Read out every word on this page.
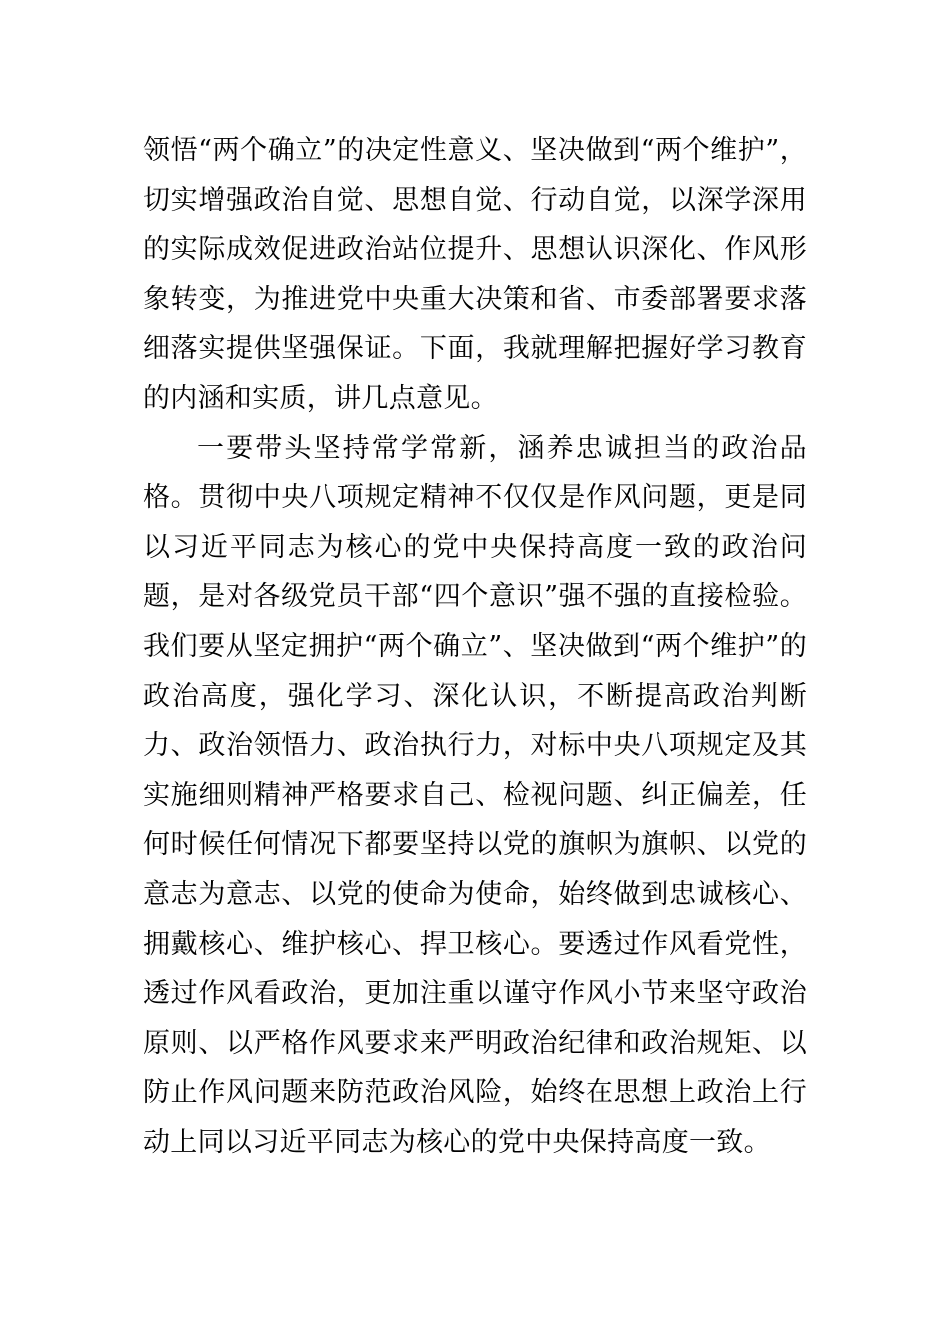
领悟“两个确立”的决定性意义、坚决做到“两个维护”，切实增强政治自觉、思想自觉、行动自觉，以深学深用的实际成效促进政治站位提升、思想认识深化、作风形象转变，为推进党中央重大决策和省、市委部署要求落细落实提供坚强保证。下面，我就理解把握好学习教育的内涵和实质，讲几点意见。

一要带头坚持常学常新，涵养忠诚担当的政治品格。贯彻中央八项规定精神不仅仅是作风问题，更是同以习近平同志为核心的党中央保持高度一致的政治问题，是对各级党员干部“四个意识”强不强的直接检验。我们要从坚定拥护“两个确立”、坚决做到“两个维护”的政治高度，强化学习、深化认识，不断提高政治判断力、政治领悟力、政治执行力，对标中央八项规定及其实施细则精神严格要求自己、检视问题、纠正偏差，任何时候任何情况下都要坚持以党的旗帜为旗帜、以党的意志为意志、以党的使命为使命，始终做到忠诚核心、拥戴核心、维护核心、捍卫核心。要透过作风看党性，透过作风看政治，更加注重以谨守作风小节来坚守政治原则、以严格作风要求来严明政治纪律和政治规矩、以防止作风问题来防范政治风险，始终在思想上政治上行动上同以习近平同志为核心的党中央保持高度一致。
